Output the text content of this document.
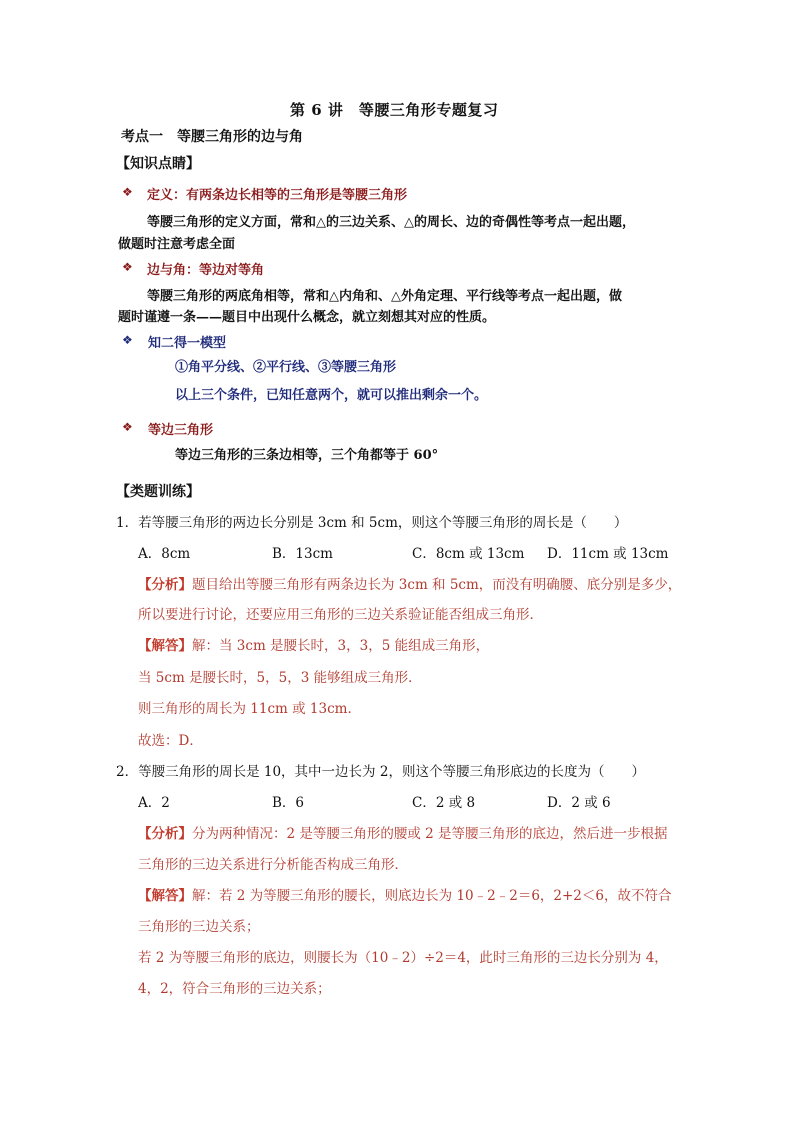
第 6 讲　等腰三角形专题复习
考点一　等腰三角形的边与角
【知识点睛】
❖ 定义：有两条边长相等的三角形是等腰三角形
等腰三角形的定义方面，常和△的三边关系、△的周长、边的奇偶性等考点一起出题，
做题时注意考虑全面
❖ 边与角：等边对等角
等腰三角形的两底角相等，常和△内角和、△外角定理、平行线等考点一起出题，做
题时谨遵一条——题目中出现什么概念，就立刻想其对应的性质。
❖ 知二得一模型
①角平分线、②平行线、③等腰三角形
以上三个条件，已知任意两个，就可以推出剩余一个。
❖ 等边三角形
等边三角形的三条边相等，三个角都等于 60°
【类题训练】
1．若等腰三角形的两边长分别是 3cm 和 5cm，则这个等腰三角形的周长是（　　）
A．8cm	B．13cm	C．8cm 或 13cm D．11cm 或 13cm
【分析】题目给出等腰三角形有两条边长为 3cm 和 5cm，而没有明确腰、底分别是多少，
所以要进行讨论，还要应用三角形的三边关系验证能否组成三角形．
【解答】解：当 3cm 是腰长时，3，3，5 能组成三角形，
当 5cm 是腰长时，5，5，3 能够组成三角形．
则三角形的周长为 11cm 或 13cm．
故选：D．
2．等腰三角形的周长是 10，其中一边长为 2，则这个等腰三角形底边的长度为（　　）
A．2	B．6	C．2 或 8	D．2 或 6
【分析】分为两种情况：2 是等腰三角形的腰或 2 是等腰三角形的底边，然后进一步根据
三角形的三边关系进行分析能否构成三角形．
【解答】解：若 2 为等腰三角形的腰长，则底边长为 10﹣2﹣2＝6，2+2＜6，故不符合
三角形的三边关系；
若 2 为等腰三角形的底边，则腰长为（10﹣2）÷2＝4，此时三角形的三边长分别为 4，
4，2，符合三角形的三边关系；
